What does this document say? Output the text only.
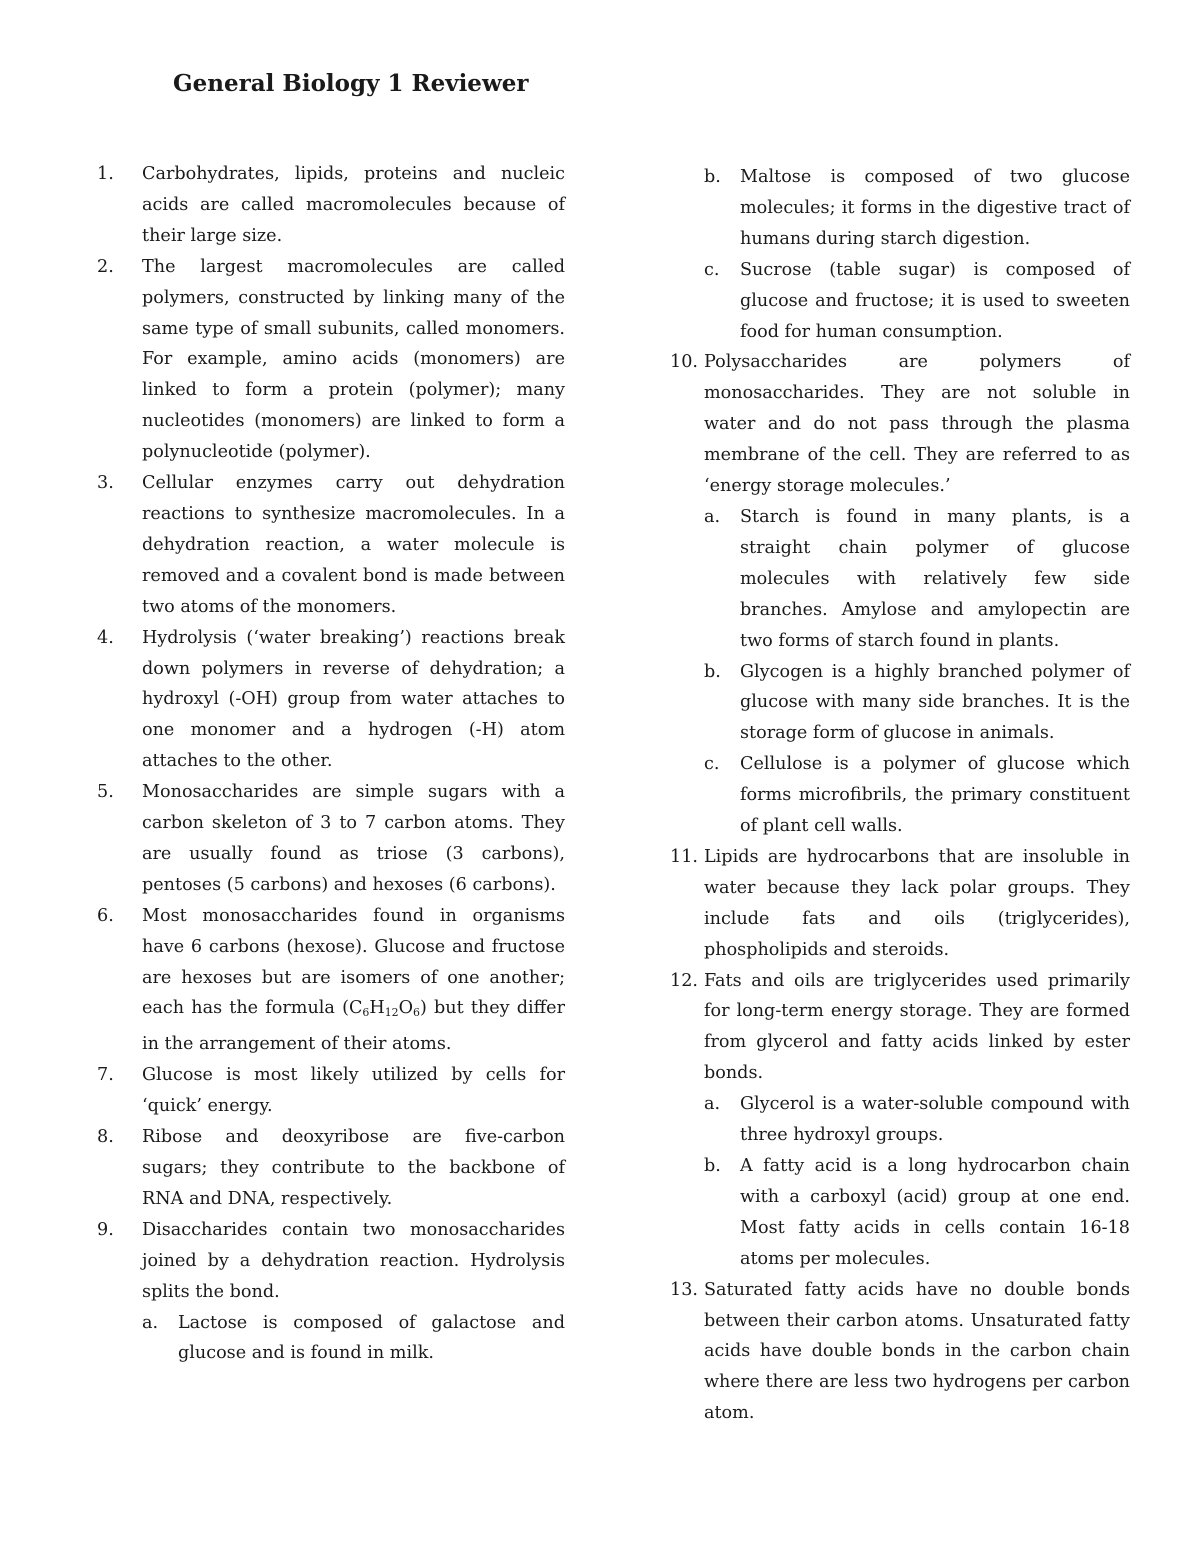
General Biology 1 Reviewer
1.	Carbohydrates, lipids, proteins and nucleic acids are called macromolecules because of their large size.

2.	The largest macromolecules are called polymers, constructed by linking many of the same type of small subunits, called monomers. For example, amino acids (monomers) are linked to form a protein (polymer); many nucleotides (monomers) are linked to form a polynucleotide (polymer).

3.	Cellular enzymes carry out dehydration reactions to synthesize macromolecules. In a dehydration reaction, a water molecule is removed and a covalent bond is made between two atoms of the monomers.

4.	Hydrolysis (‘water breaking’) reactions break down polymers in reverse of dehydration; a hydroxyl (-OH) group from water attaches to one monomer and a hydrogen (-H) atom attaches to the other.

5.	Monosaccharides are simple sugars with a carbon skeleton of 3 to 7 carbon atoms. They are usually found as triose (3 carbons), pentoses (5 carbons) and hexoses (6 carbons).

6.	Most monosaccharides found in organisms have 6 carbons (hexose). Glucose and fructose are hexoses but are isomers of one another; each has the formula (C6H12O6) but they differ in the arrangement of their atoms.

7.	Glucose is most likely utilized by cells for ‘quick’ energy.

8.	Ribose and deoxyribose are five-carbon sugars; they contribute to the backbone of RNA and DNA, respectively.

9.	Disaccharides contain two monosaccharides joined by a dehydration reaction. Hydrolysis splits the bond.

a. Lactose is composed of galactose and glucose and is found in milk.

b. Maltose is composed of two glucose molecules; it forms in the digestive tract of humans during starch digestion.

c. Sucrose (table sugar) is composed of glucose and fructose; it is used to sweeten food for human consumption.

10. Polysaccharides are polymers of monosaccharides. They are not soluble in water and do not pass through the plasma membrane of the cell. They are referred to as ‘energy storage molecules.’

a. Starch is found in many plants, is a straight chain polymer of glucose molecules with relatively few side branches. Amylose and amylopectin are two forms of starch found in plants.

b. Glycogen is a highly branched polymer of glucose with many side branches. It is the storage form of glucose in animals.

c. Cellulose is a polymer of glucose which forms microfibrils, the primary constituent of plant cell walls.

11. Lipids are hydrocarbons that are insoluble in water because they lack polar groups. They include fats and oils (triglycerides), phospholipids and steroids.

12. Fats and oils are triglycerides used primarily for long-term energy storage. They are formed from glycerol and fatty acids linked by ester bonds.

a. Glycerol is a water-soluble compound with three hydroxyl groups.

b. A fatty acid is a long hydrocarbon chain with a carboxyl (acid) group at one end. Most fatty acids in cells contain 16-18 atoms per molecules.

13. Saturated fatty acids have no double bonds between their carbon atoms. Unsaturated fatty acids have double bonds in the carbon chain where there are less two hydrogens per carbon atom.
